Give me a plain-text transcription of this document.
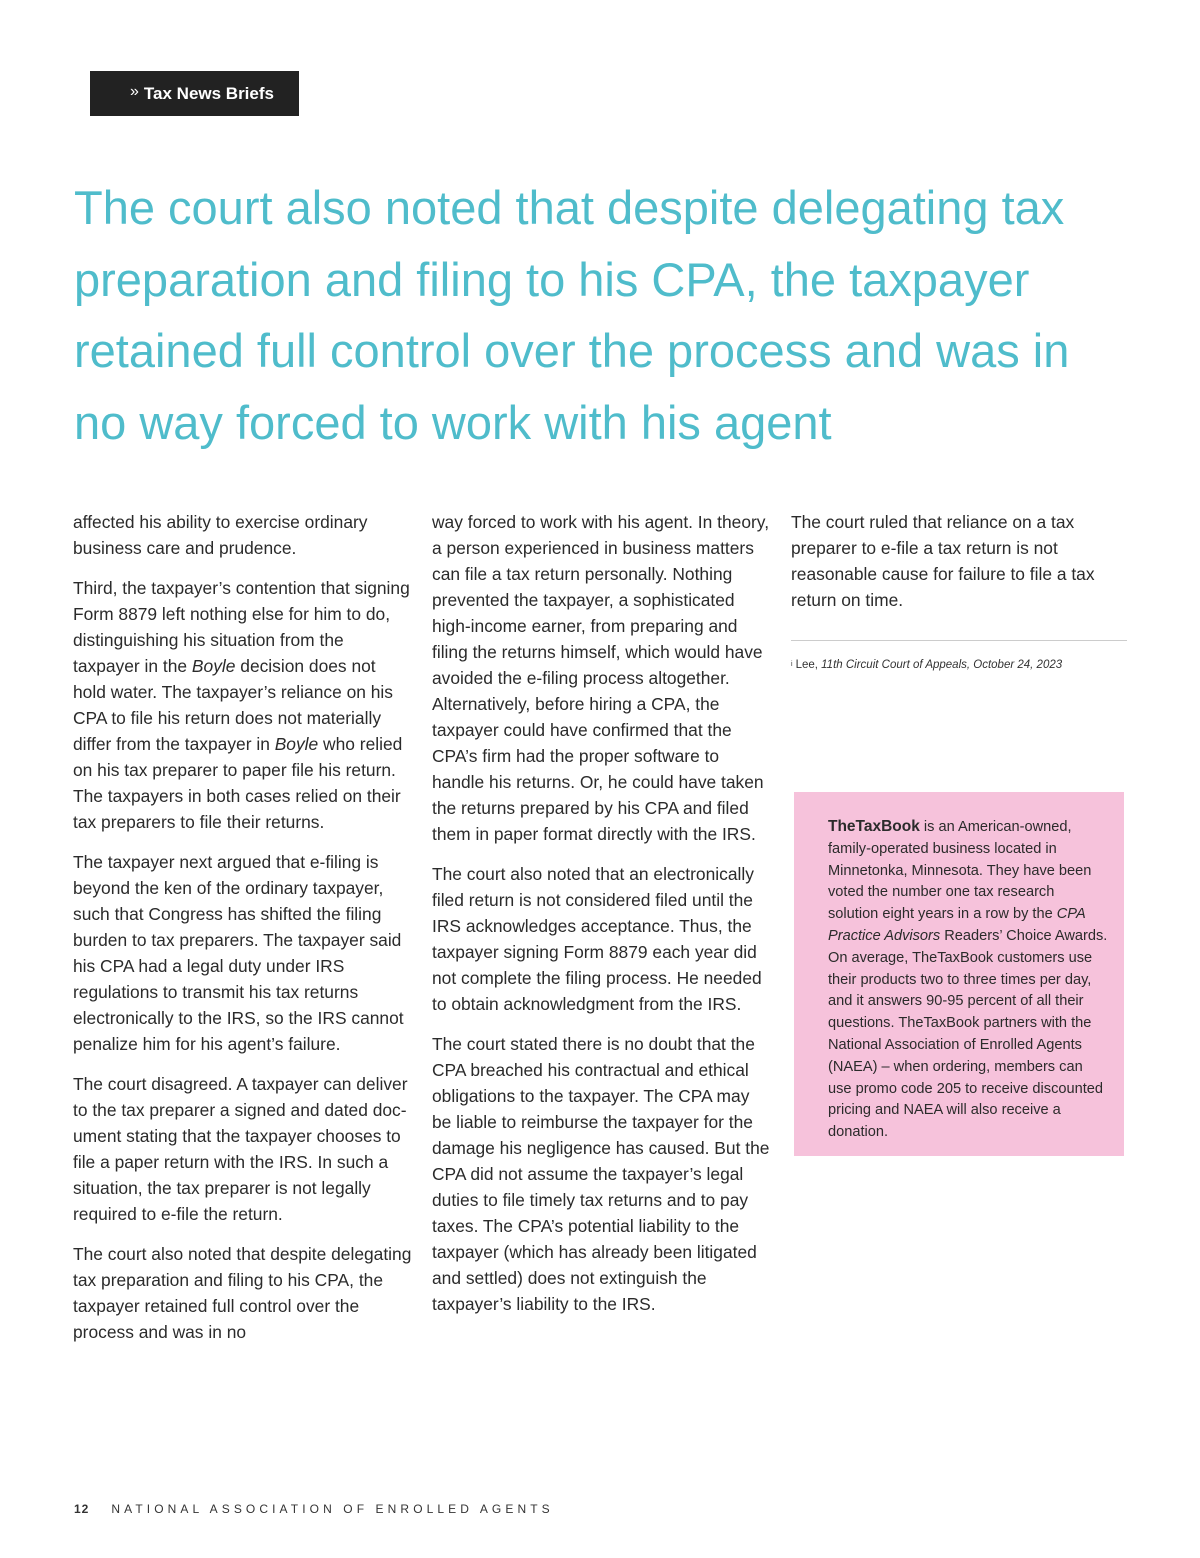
» Tax News Briefs
The court also noted that despite delegating tax preparation and filing to his CPA, the taxpayer retained full control over the process and was in no way forced to work with his agent

affected his ability to exercise ordinary business care and prudence.

Third, the taxpayer’s contention that signing Form 8879 left nothing else for him to do, distinguishing his situation from the taxpayer in the Boyle decision does not hold water. The taxpayer’s reliance on his CPA to file his return does not materially differ from the taxpayer in Boyle who relied on his tax preparer to paper file his return. The taxpayers in both cases relied on their tax preparers to file their returns.

The taxpayer next argued that e-filing is beyond the ken of the ordinary taxpayer, such that Congress has shifted the filing burden to tax preparers. The taxpayer said his CPA had a legal duty under IRS regulations to transmit his tax returns electronically to the IRS, so the IRS cannot penalize him for his agent’s failure.

The court disagreed. A taxpayer can deliver to the tax preparer a signed and dated document stating that the taxpayer chooses to file a paper return with the IRS. In such a situation, the tax preparer is not legally required to e-file the return.

The court also noted that despite delegating tax preparation and filing to his CPA, the taxpayer retained full control over the process and was in no

way forced to work with his agent. In theory, a person experienced in business matters can file a tax return personally. Nothing prevented the taxpayer, a sophisticated high-income earner, from preparing and filing the returns himself, which would have avoided the e-filing process altogether. Alternatively, before hiring a CPA, the taxpayer could have confirmed that the CPA’s firm had the proper software to handle his returns. Or, he could have taken the returns prepared by his CPA and filed them in paper format directly with the IRS.

The court also noted that an electronically filed return is not considered filed until the IRS acknowledges acceptance. Thus, the taxpayer signing Form 8879 each year did not complete the filing process. He needed to obtain acknowledgment from the IRS.

The court stated there is no doubt that the CPA breached his contractual and ethical obligations to the taxpayer. The CPA may be liable to reimburse the taxpayer for the damage his negligence has caused. But the CPA did not assume the taxpayer’s legal duties to file timely tax returns and to pay taxes. The CPA’s potential liability to the taxpayer (which has already been litigated and settled) does not extinguish the taxpayer’s liability to the IRS.

The court ruled that reliance on a tax preparer to e-file a tax return is not reasonable cause for failure to file a tax return on time.

$^i$ Lee, 11th Circuit Court of Appeals, October 24, 2023
TheTaxBook is an American-owned, family-operated business located in Minnetonka, Minnesota. They have been voted the number one tax research solution eight years in a row by the CPA Practice Advisors Readers’ Choice Awards. On average, TheTaxBook customers use their products two to three times per day, and it answers 90-95 percent of all their questions. TheTaxBook partners with the National Association of Enrolled Agents (NAEA) – when ordering, members can use promo code 205 to receive discounted pricing and NAEA will also receive a donation.
12 NATIONAL ASSOCIATION OF ENROLLED AGENTS
